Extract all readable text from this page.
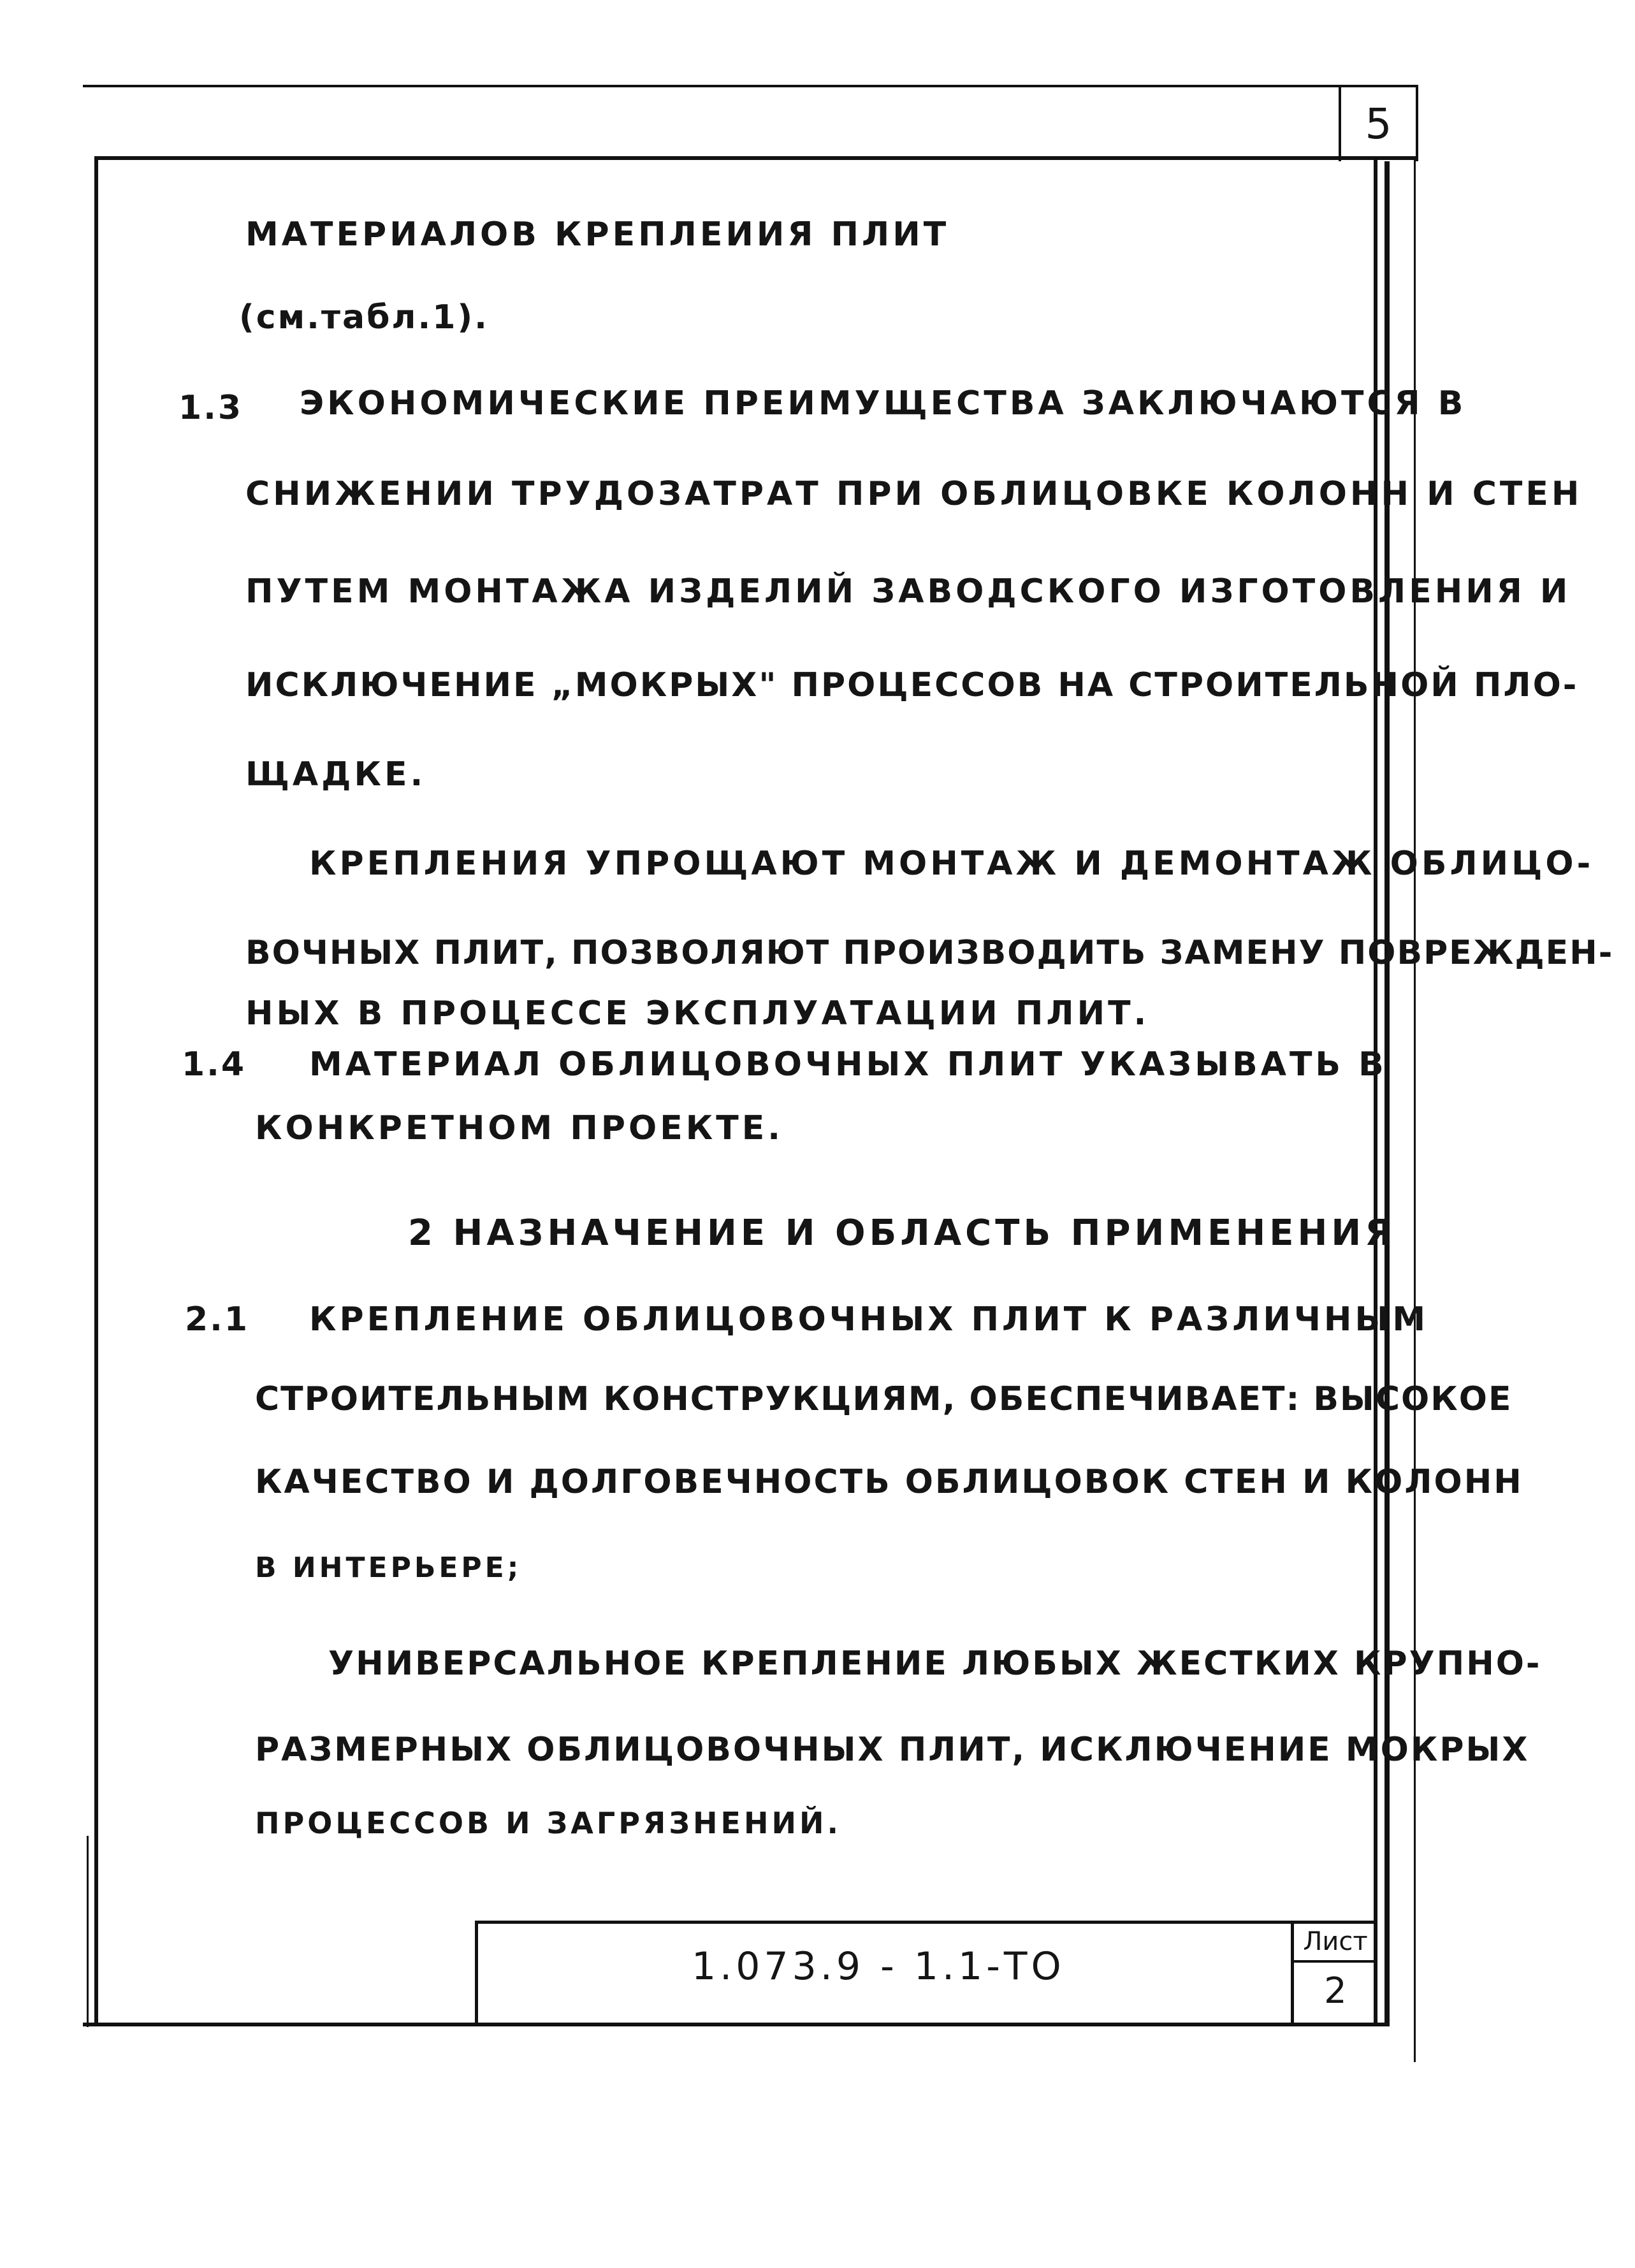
5
МАТЕРИАЛОВ КРЕПЛЕИИЯ ПЛИТ
(см.табл.1).
1.3 ЭКОНОМИЧЕСКИЕ ПРЕИМУЩЕСТВА ЗАКЛЮЧАЮТСЯ В
СНИЖЕНИИ ТРУДОЗАТРАТ ПРИ ОБЛИЦОВКЕ КОЛОНН И СТЕН
ПУТЕМ МОНТАЖА ИЗДЕЛИЙ ЗАВОДСКОГО ИЗГОТОВЛЕНИЯ И
ИСКЛЮЧЕНИЕ „МОКРЫХ" ПРОЦЕССОВ НА СТРОИТЕЛЬНОЙ ПЛО-
ЩАДКЕ.
КРЕПЛЕНИЯ УПРОЩАЮТ МОНТАЖ И ДЕМОНТАЖ ОБЛИЦО-
ВОЧНЫХ ПЛИТ, ПОЗВОЛЯЮТ ПРОИЗВОДИТЬ ЗАМЕНУ ПОВРЕЖДЕН-
НЫХ В ПРОЦЕССЕ ЭКСПЛУАТАЦИИ ПЛИТ.
1.4 МАТЕРИАЛ ОБЛИЦОВОЧНЫХ ПЛИТ УКАЗЫВАТЬ В
КОНКРЕТНОМ ПРОЕКТЕ.
2 НАЗНАЧЕНИЕ И ОБЛАСТЬ ПРИМЕНЕНИЯ
2.1 КРЕПЛЕНИЕ ОБЛИЦОВОЧНЫХ ПЛИТ К РАЗЛИЧНЫМ
СТРОИТЕЛЬНЫМ КОНСТРУКЦИЯМ, ОБЕСПЕЧИВАЕТ: ВЫСОКОЕ
КАЧЕСТВО И ДОЛГОВЕЧНОСТЬ ОБЛИЦОВОК СТЕН И КОЛОНН
В ИНТЕРЬЕРЕ;
УНИВЕРСАЛЬНОЕ КРЕПЛЕНИЕ ЛЮБЫХ ЖЕСТКИХ КРУПНО-
РАЗМЕРНЫХ ОБЛИЦОВОЧНЫХ ПЛИТ, ИСКЛЮЧЕНИЕ МОКРЫХ
ПРОЦЕССОВ И ЗАГРЯЗНЕНИЙ.
1.073.9 - 1.1-ТО
Лист
2
